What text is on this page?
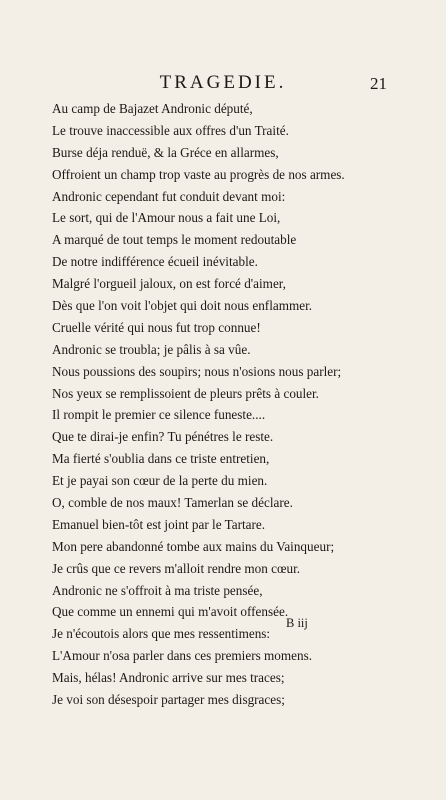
TRAGEDIE.	21
Au camp de Bajazet Andronic député,
Le trouve inaccessible aux offres d'un Traité.
Burse déja renduë, & la Gréce en allarmes,
Offroient un champ trop vaste au progrès de nos armes.
Andronic cependant fut conduit devant moi:
Le sort, qui de l'Amour nous a fait une Loi,
A marqué de tout temps le moment redoutable
De notre indifférence écueil inévitable.
Malgré l'orgueil jaloux, on est forcé d'aimer,
Dès que l'on voit l'objet qui doit nous enflammer.
Cruelle vérité qui nous fut trop connue!
Andronic se troubla; je pâlis à sa vûe.
Nous poussions des soupirs; nous n'osions nous parler;
Nos yeux se remplissoient de pleurs prêts à couler.
Il rompit le premier ce silence funeste....
Que te dirai-je enfin? Tu pénétres le reste.
Ma fierté s'oublia dans ce triste entretien,
Et je payai son cœur de la perte du mien.
O, comble de nos maux! Tamerlan se déclare.
Emanuel bien-tôt est joint par le Tartare.
Mon pere abandonné tombe aux mains du Vainqueur;
Je crûs que ce revers m'alloit rendre mon cœur.
Andronic ne s'offroit à ma triste pensée,
Que comme un ennemi qui m'avoit offensée.
Je n'écoutois alors que mes ressentimens:
L'Amour n'osa parler dans ces premiers momens.
Mais, hélas! Andronic arrive sur mes traces;
Je voi son désespoir partager mes disgraces;
B iij
